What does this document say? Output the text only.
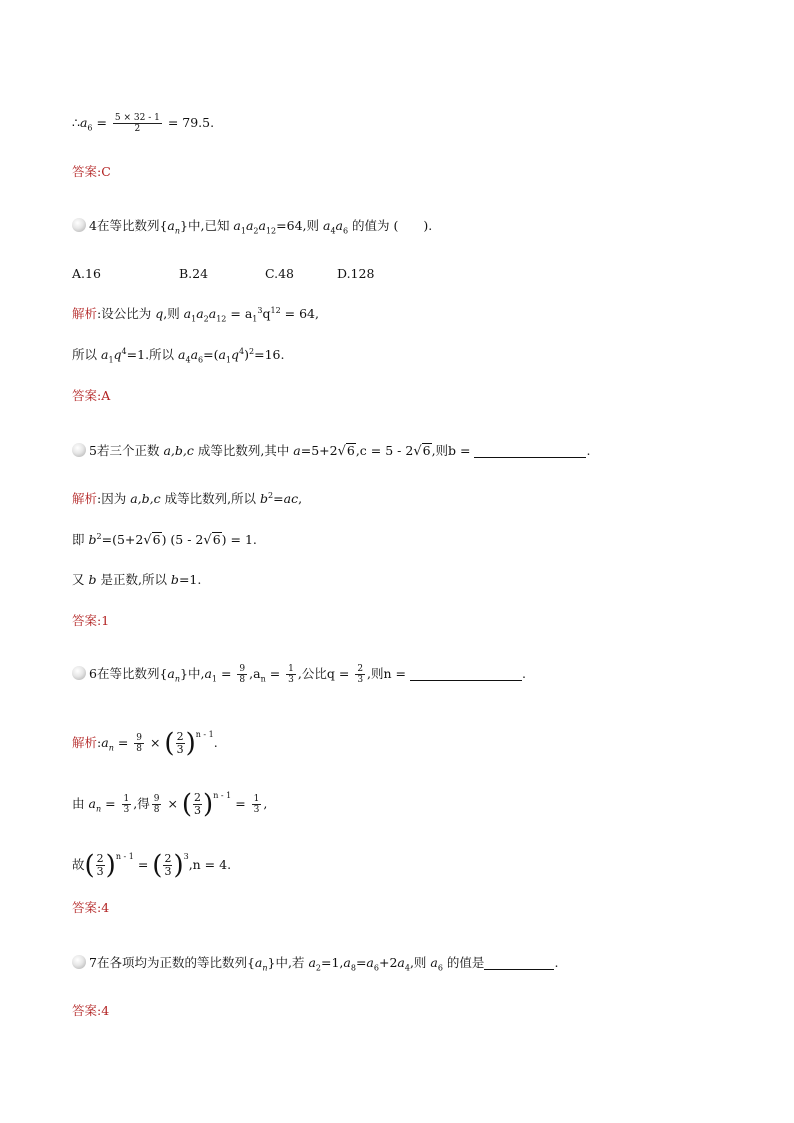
$\therefore a_6 = \frac{5 \times 32 - 1}{2} = 79.5$.
答案:C
4在等比数列$\{a_n\}$中,已知 $a_1a_2a_{12}=64$,则 $a_4a_6$ 的值为 (　　).
A.16	B.24	C.48	D.128
解析:设公比为 q,则 $a_1a_2a_{12} = a_1^3q^{12} = 64$,
所以 $a_1q^4=1$.所以 $a_4a_6=(a_1q^4)^2=16$.
答案:A
5若三个正数 a,b,c 成等比数列,其中 a=5+2√6,c = 5 - 2√6,则b =	.
解析:因为 a,b,c 成等比数列,所以 $b^2=ac$,
即 $b^2=(5+2√6)$ (5 - 2√6) = 1.
又 b 是正数,所以 b=1.
答案:1
6在等比数列$\{a_n\}$中$,a_1 = \frac{9}{8} ,a_n = \frac{1}{3}$ ,公比$q = \frac{2}{3}$ ,则n =	.
解析$:a_n = \frac{9}{8}$ × ( $\frac{2}{3} )^{n - 1}$.
由 $a_n = \frac{1}{3}$ ,得 $\frac{9}{8}$ × ( $\frac{2}{3} )^{n - 1} = \frac{1}{3}$ ,
故( $\frac{2}{3} )^{n - 1}$ = ( $\frac{2}{3} )^3,n = 4$.
答案:4
7在各项均为正数的等比数列$\{a_n\}$中,若 $a_2=1,a_8=a_6+2a_4$,则 $a_6$ 的值是	.
答案:4
